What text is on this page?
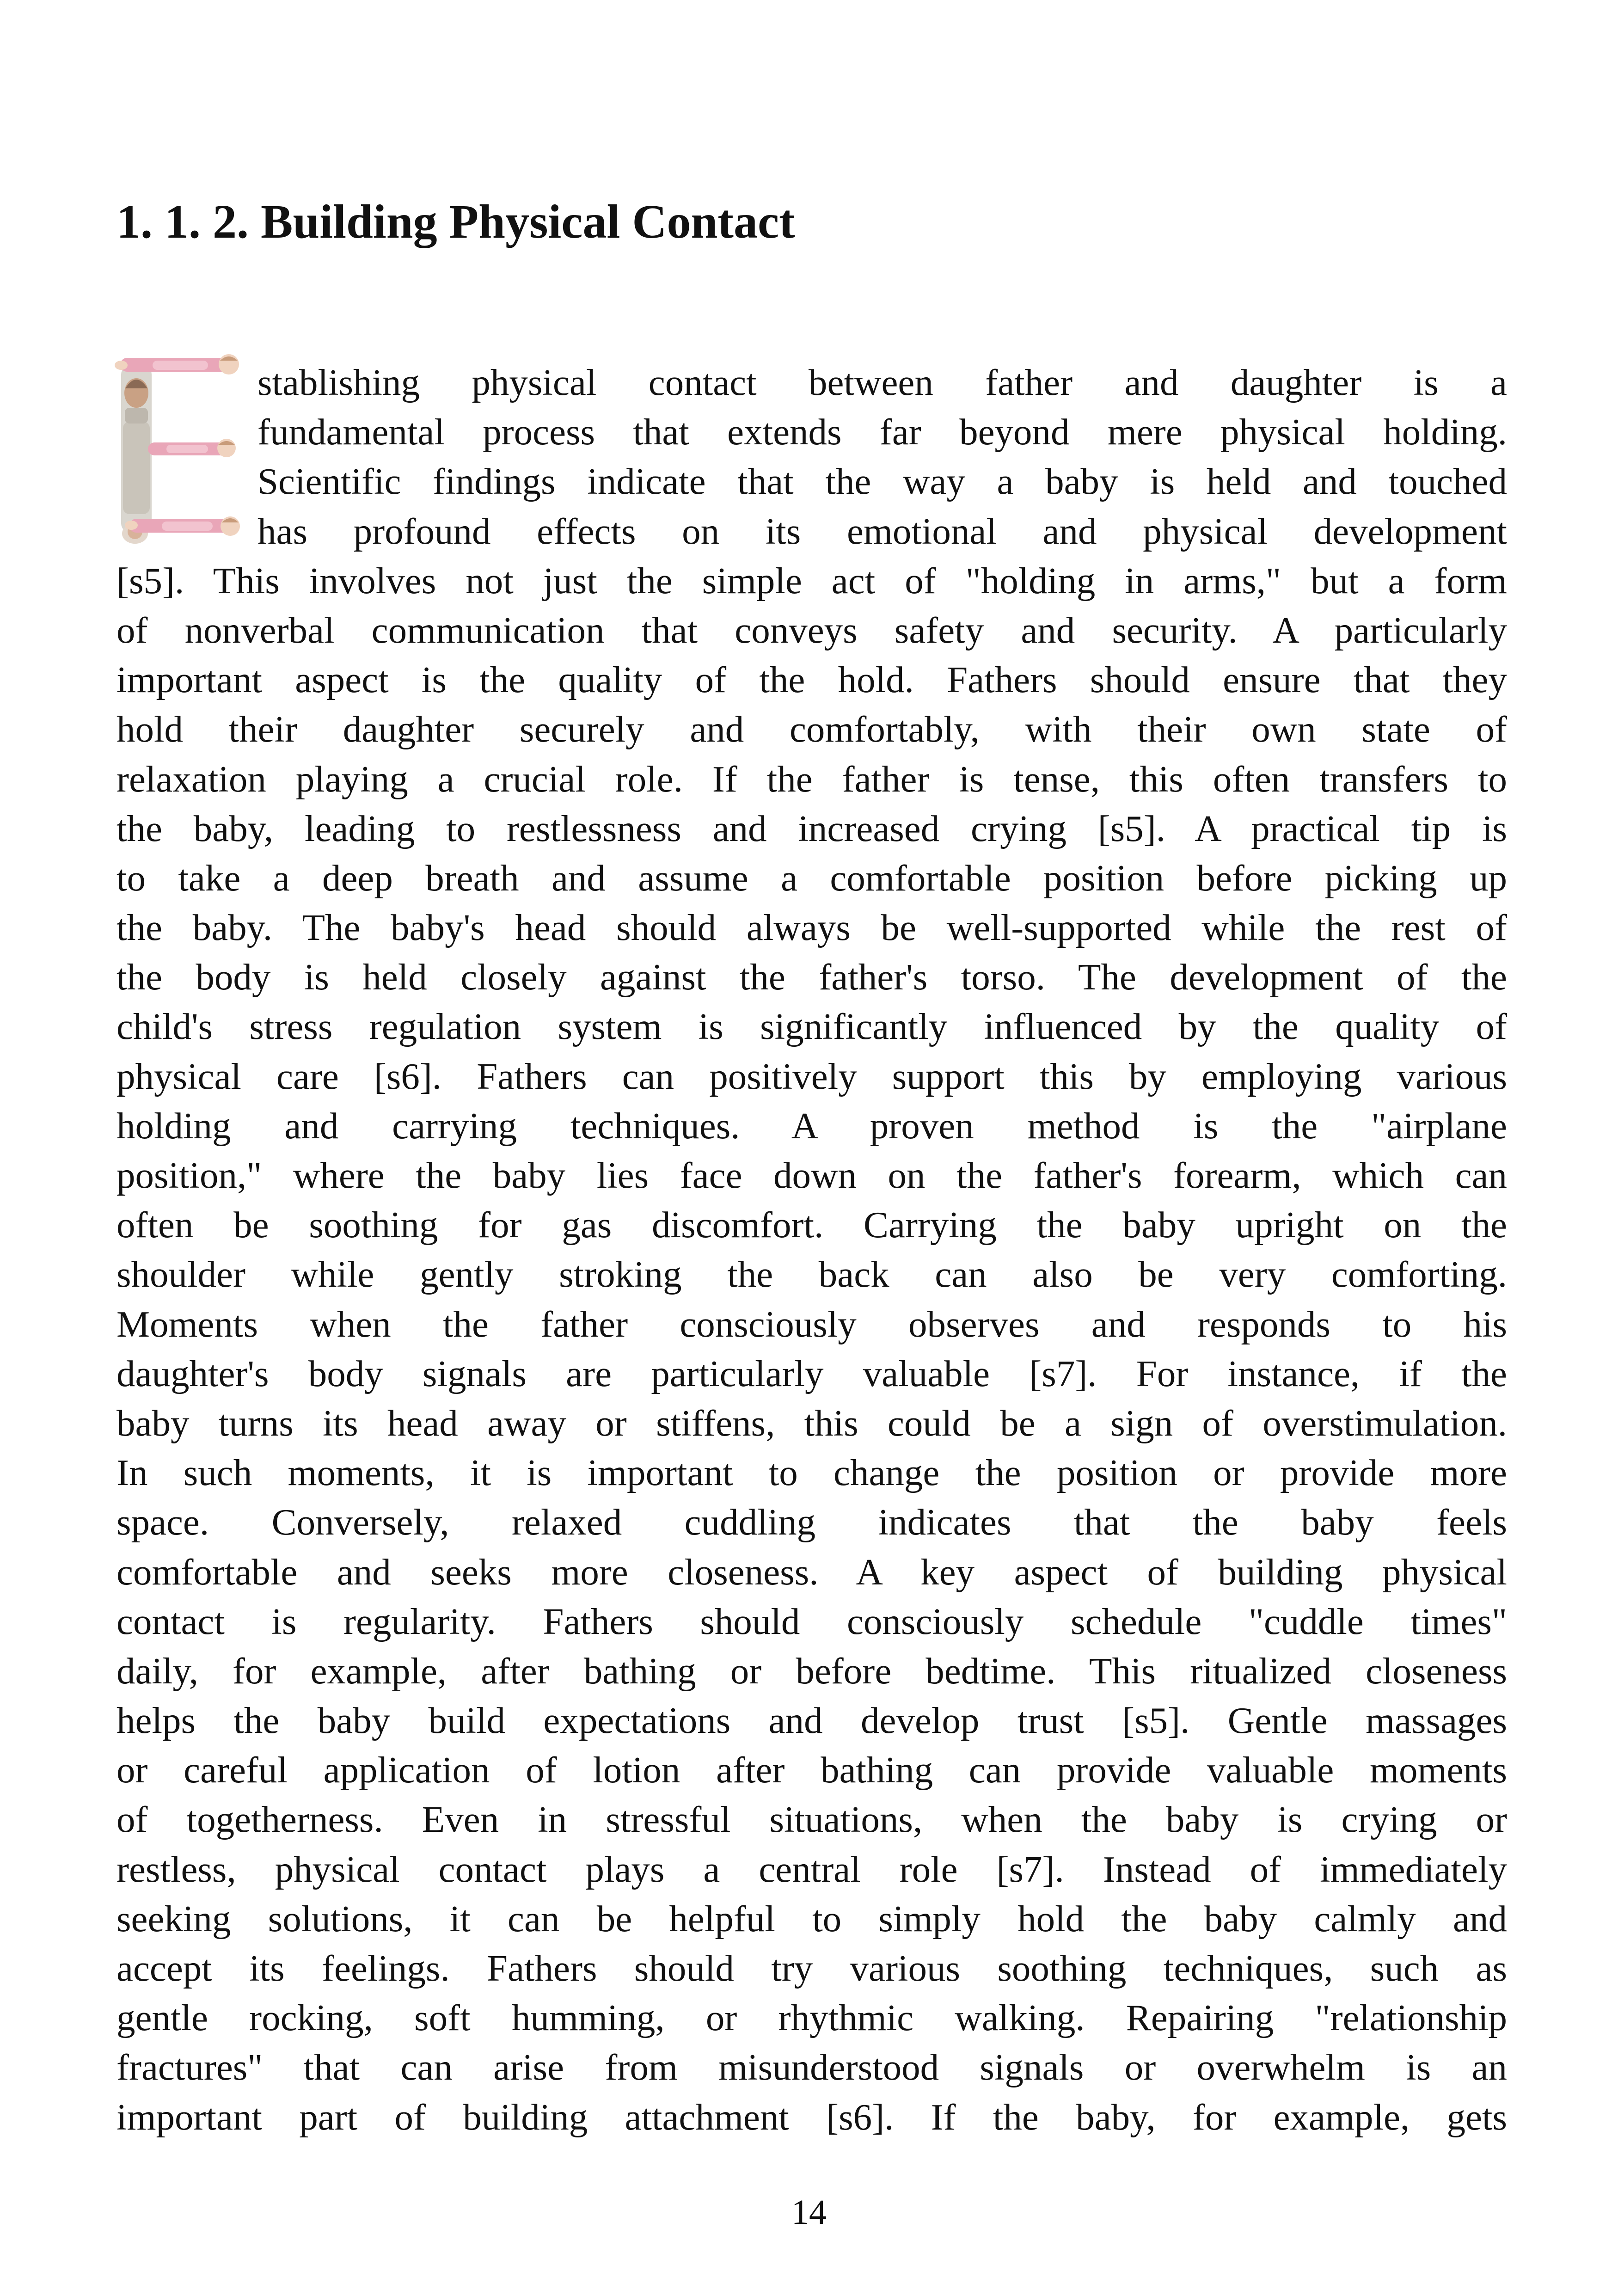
1. 1. 2. Building Physical Contact
stablishing physical contact between father and daughter is a
fundamental process that extends far beyond mere physical holding.
Scientific findings indicate that the way a baby is held and touched
has profound effects on its emotional and physical development
[s5]. This involves not just the simple act of "holding in arms," but a form
of nonverbal communication that conveys safety and security. A particularly
important aspect is the quality of the hold. Fathers should ensure that they
hold their daughter securely and comfortably, with their own state of
relaxation playing a crucial role. If the father is tense, this often transfers to
the baby, leading to restlessness and increased crying [s5]. A practical tip is
to take a deep breath and assume a comfortable position before picking up
the baby. The baby's head should always be well-supported while the rest of
the body is held closely against the father's torso. The development of the
child's stress regulation system is significantly influenced by the quality of
physical care [s6]. Fathers can positively support this by employing various
holding and carrying techniques. A proven method is the "airplane
position," where the baby lies face down on the father's forearm, which can
often be soothing for gas discomfort. Carrying the baby upright on the
shoulder while gently stroking the back can also be very comforting.
Moments when the father consciously observes and responds to his
daughter's body signals are particularly valuable [s7]. For instance, if the
baby turns its head away or stiffens, this could be a sign of overstimulation.
In such moments, it is important to change the position or provide more
space. Conversely, relaxed cuddling indicates that the baby feels
comfortable and seeks more closeness. A key aspect of building physical
contact is regularity. Fathers should consciously schedule "cuddle times"
daily, for example, after bathing or before bedtime. This ritualized closeness
helps the baby build expectations and develop trust [s5]. Gentle massages
or careful application of lotion after bathing can provide valuable moments
of togetherness. Even in stressful situations, when the baby is crying or
restless, physical contact plays a central role [s7]. Instead of immediately
seeking solutions, it can be helpful to simply hold the baby calmly and
accept its feelings. Fathers should try various soothing techniques, such as
gentle rocking, soft humming, or rhythmic walking. Repairing "relationship
fractures" that can arise from misunderstood signals or overwhelm is an
important part of building attachment [s6]. If the baby, for example, gets
14
